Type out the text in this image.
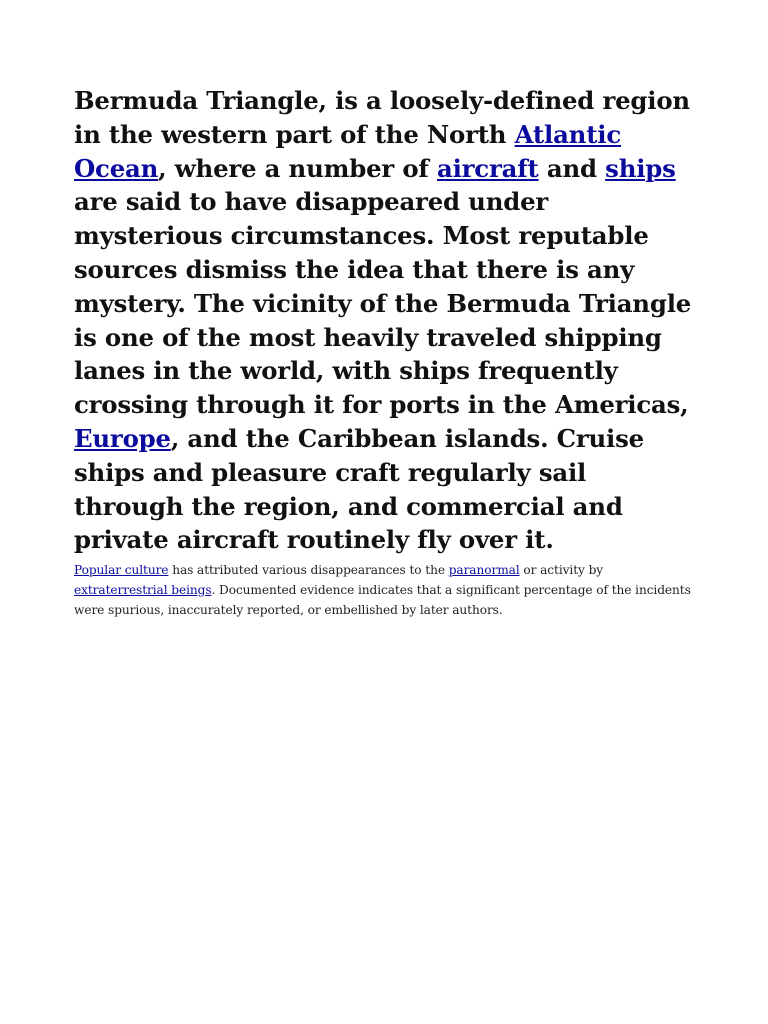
Bermuda Triangle, is a loosely-defined region in the western part of the North Atlantic Ocean, where a number of aircraft and ships are said to have disappeared under mysterious circumstances. Most reputable sources dismiss the idea that there is any mystery. The vicinity of the Bermuda Triangle is one of the most heavily traveled shipping lanes in the world, with ships frequently crossing through it for ports in the Americas, Europe, and the Caribbean islands. Cruise ships and pleasure craft regularly sail through the region, and commercial and private aircraft routinely fly over it.

Popular culture has attributed various disappearances to the paranormal or activity by extraterrestrial beings. Documented evidence indicates that a significant percentage of the incidents were spurious, inaccurately reported, or embellished by later authors.
